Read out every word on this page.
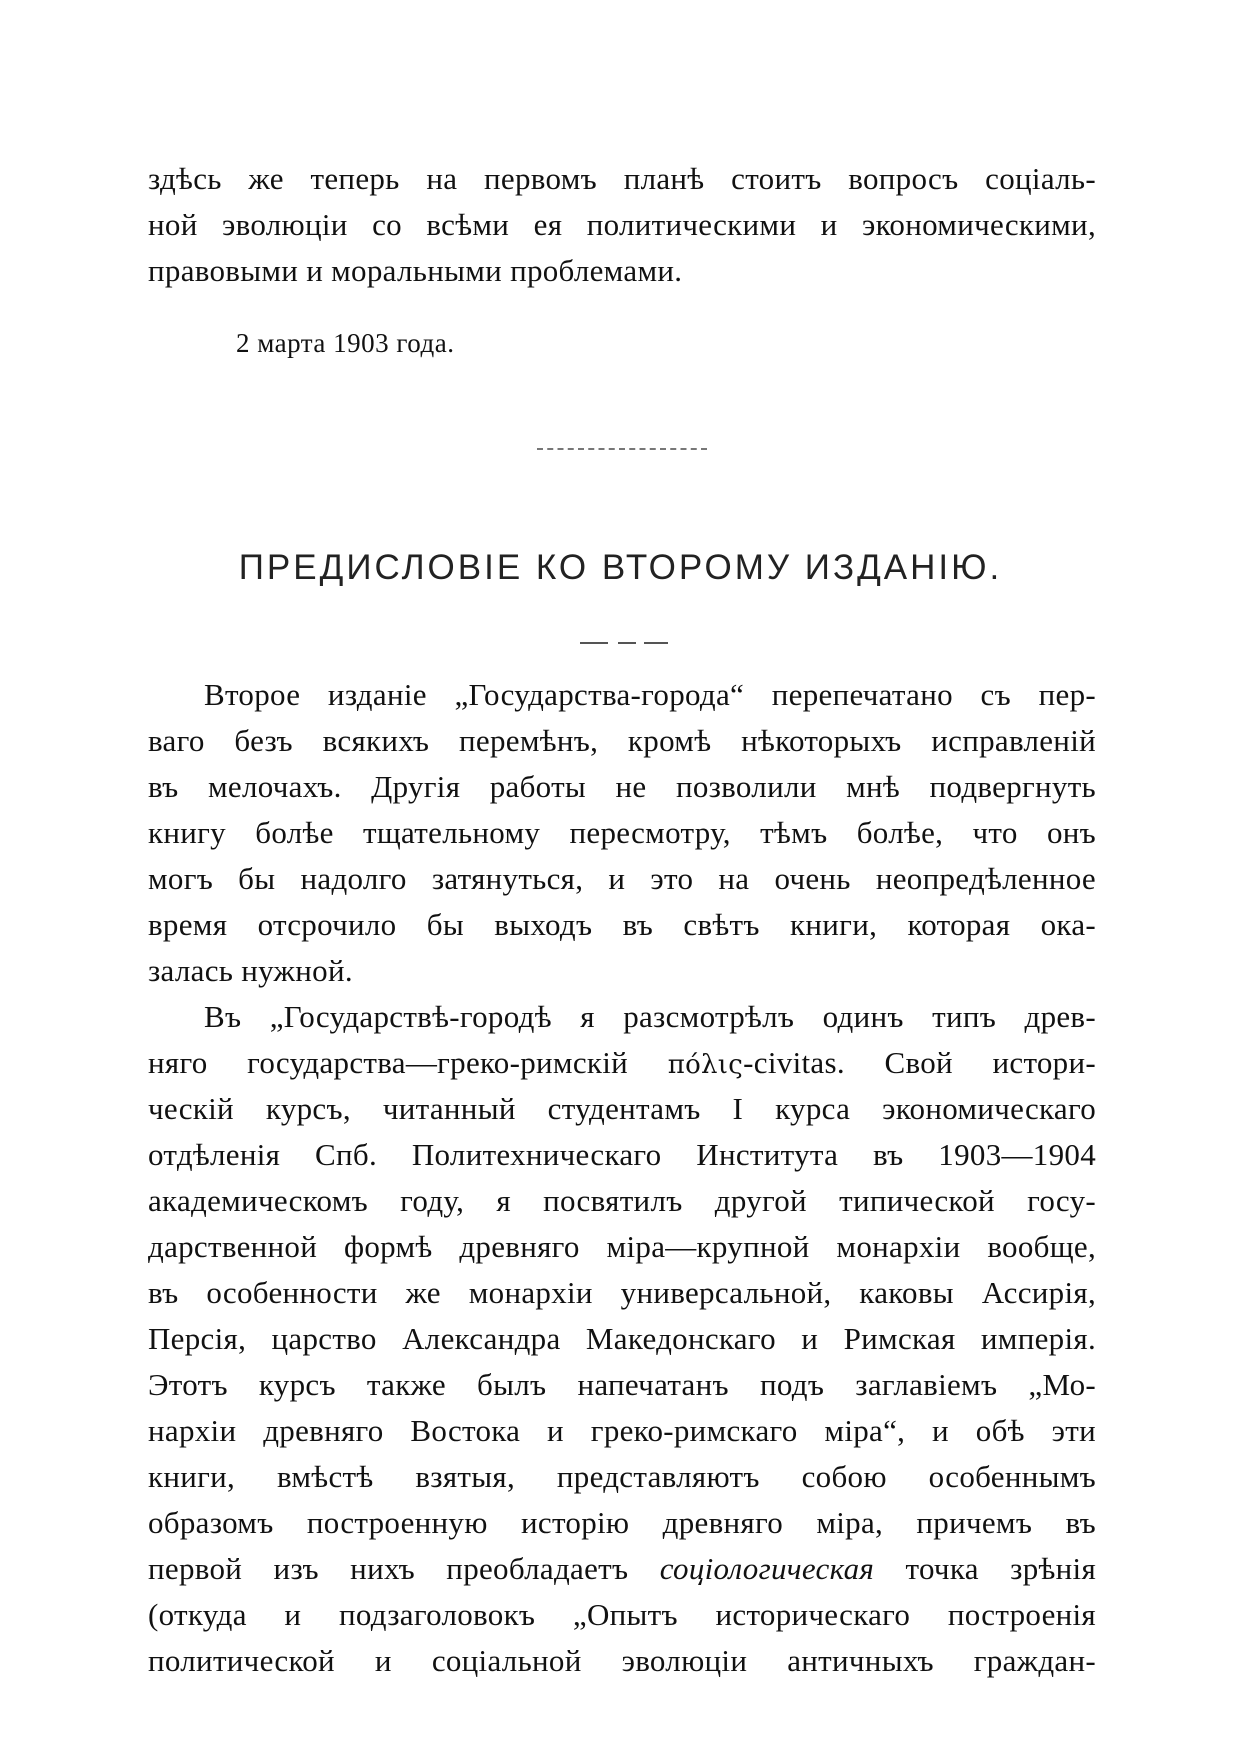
здѣсь же теперь на первомъ планѣ стоитъ вопросъ соціаль-
ной эволюціи со всѣми ея политическими и экономическими,
правовыми и моральными проблемами.
2 марта 1903 года.
ПРЕДИСЛОВІЕ КО ВТОРОМУ ИЗДАНІЮ.
Второе изданіе „Государства-города“ перепечатано съ пер-
ваго безъ всякихъ перемѣнъ, кромѣ нѣкоторыхъ исправленій
въ мелочахъ. Другія работы не позволили мнѣ подвергнуть
книгу болѣе тщательному пересмотру, тѣмъ болѣе, что онъ
могъ бы надолго затянуться, и это на очень неопредѣленное
время отсрочило бы выходъ въ свѣтъ книги, которая ока-
залась нужной.
Въ „Государствѣ-городѣ я разсмотрѣлъ одинъ типъ древ-
няго государства—греко-римскій πόλις-civitas. Свой истори-
ческій курсъ, читанный студентамъ I курса экономическаго
отдѣленія Спб. Политехническаго Института въ 1903—1904
академическомъ году, я посвятилъ другой типической госу-
дарственной формѣ древняго міра—крупной монархіи вообще,
въ особенности же монархіи универсальной, каковы Ассирія,
Персія, царство Александра Македонскаго и Римская имперія.
Этотъ курсъ также былъ напечатанъ подъ заглавіемъ „Мо-
нархіи древняго Востока и греко-римскаго міра“, и обѣ эти
книги, вмѣстѣ взятыя, представляютъ собою особеннымъ
образомъ построенную исторію древняго міра, причемъ въ
первой изъ нихъ преобладаетъ соціологическая точка зрѣнія
(откуда и подзаголовокъ „Опытъ историческаго построенія
политической и соціальной эволюціи античныхъ граждан-
